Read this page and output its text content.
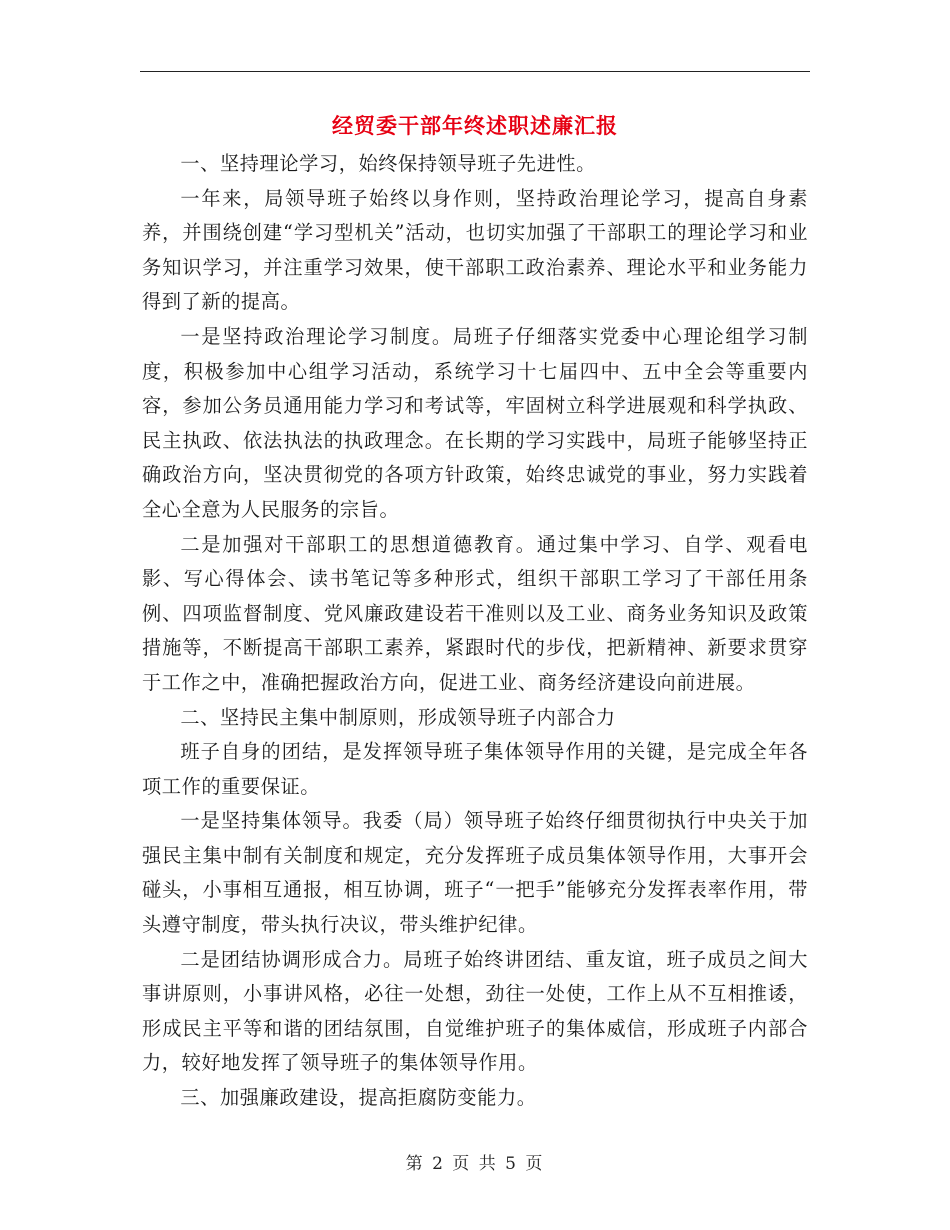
经贸委干部年终述职述廉汇报

一、坚持理论学习，始终保持领导班子先进性。

一年来，局领导班子始终以身作则，坚持政治理论学习，提高自身素养，并围绕创建“学习型机关”活动，也切实加强了干部职工的理论学习和业务知识学习，并注重学习效果，使干部职工政治素养、理论水平和业务能力得到了新的提高。

一是坚持政治理论学习制度。局班子仔细落实党委中心理论组学习制度，积极参加中心组学习活动，系统学习十七届四中、五中全会等重要内容，参加公务员通用能力学习和考试等，牢固树立科学进展观和科学执政、民主执政、依法执法的执政理念。在长期的学习实践中，局班子能够坚持正确政治方向，坚决贯彻党的各项方针政策，始终忠诚党的事业，努力实践着全心全意为人民服务的宗旨。

二是加强对干部职工的思想道德教育。通过集中学习、自学、观看电影、写心得体会、读书笔记等多种形式，组织干部职工学习了干部任用条例、四项监督制度、党风廉政建设若干准则以及工业、商务业务知识及政策措施等，不断提高干部职工素养，紧跟时代的步伐，把新精神、新要求贯穿于工作之中，准确把握政治方向，促进工业、商务经济建设向前进展。

二、坚持民主集中制原则，形成领导班子内部合力

班子自身的团结，是发挥领导班子集体领导作用的关键，是完成全年各项工作的重要保证。

一是坚持集体领导。我委（局）领导班子始终仔细贯彻执行中央关于加强民主集中制有关制度和规定，充分发挥班子成员集体领导作用，大事开会碰头，小事相互通报，相互协调，班子“一把手”能够充分发挥表率作用，带头遵守制度，带头执行决议，带头维护纪律。

二是团结协调形成合力。局班子始终讲团结、重友谊，班子成员之间大事讲原则，小事讲风格，必往一处想，劲往一处使，工作上从不互相推诿，形成民主平等和谐的团结氛围，自觉维护班子的集体威信，形成班子内部合力，较好地发挥了领导班子的集体领导作用。

三、加强廉政建设，提高拒腐防变能力。

第 2 页 共 5 页
